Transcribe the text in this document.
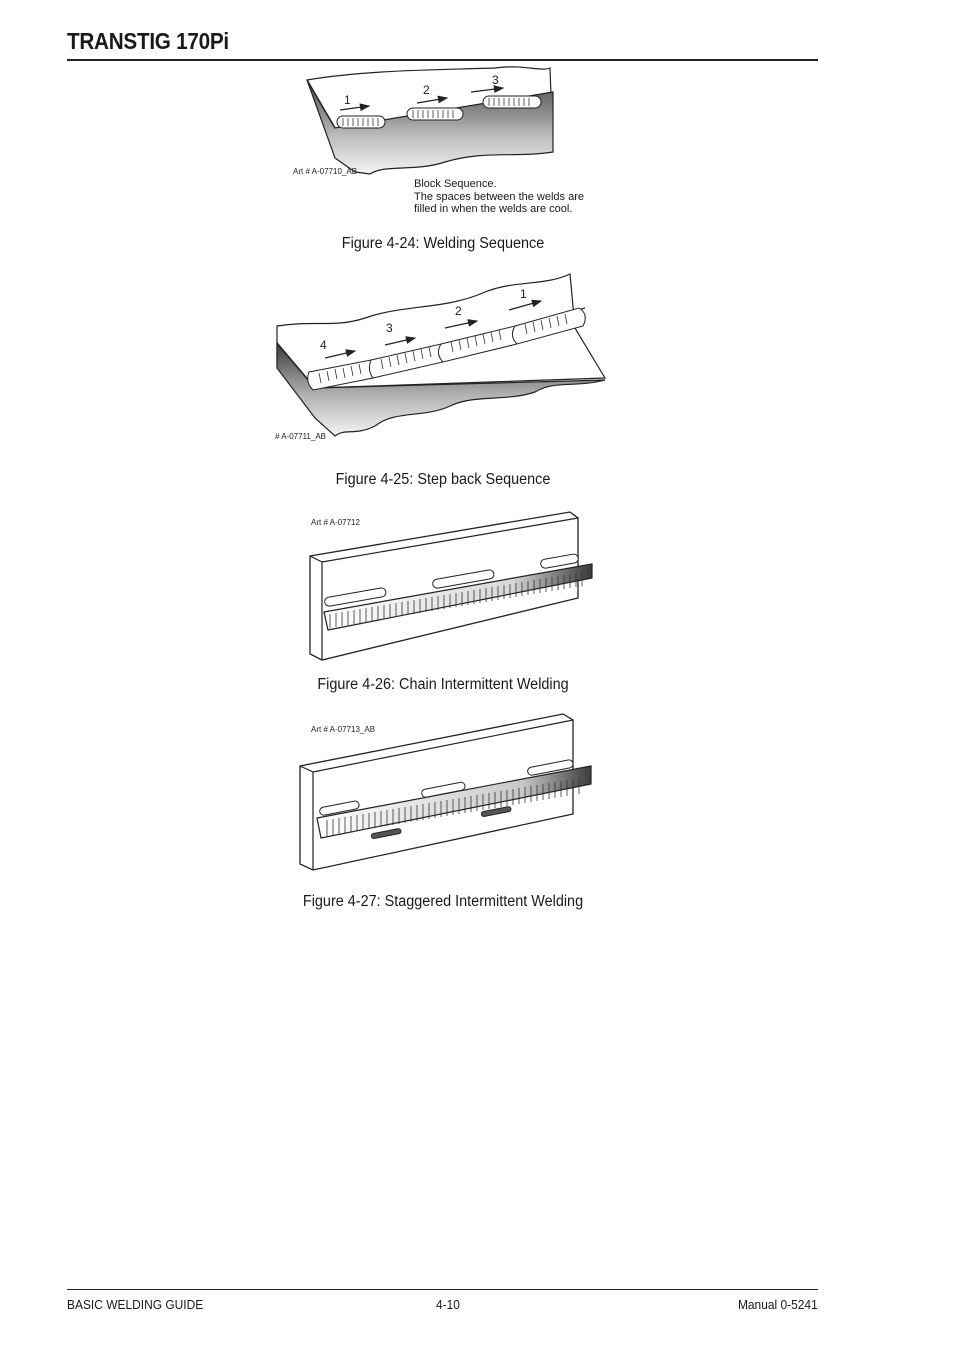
TRANSTIG 170Pi
1
2
3
Art # A-07710_AB
Block Sequence.
The spaces between the welds are
filled in when the welds are cool.
Figure 4-24: Welding Sequence
4
3
2
1
# A-07711_AB
Figure 4-25: Step back Sequence
Art # A-07712
Figure 4-26: Chain Intermittent Welding
Art # A-07713_AB
Figure 4-27: Staggered Intermittent Welding
BASIC WELDING GUIDE	4-10	Manual 0-5241
